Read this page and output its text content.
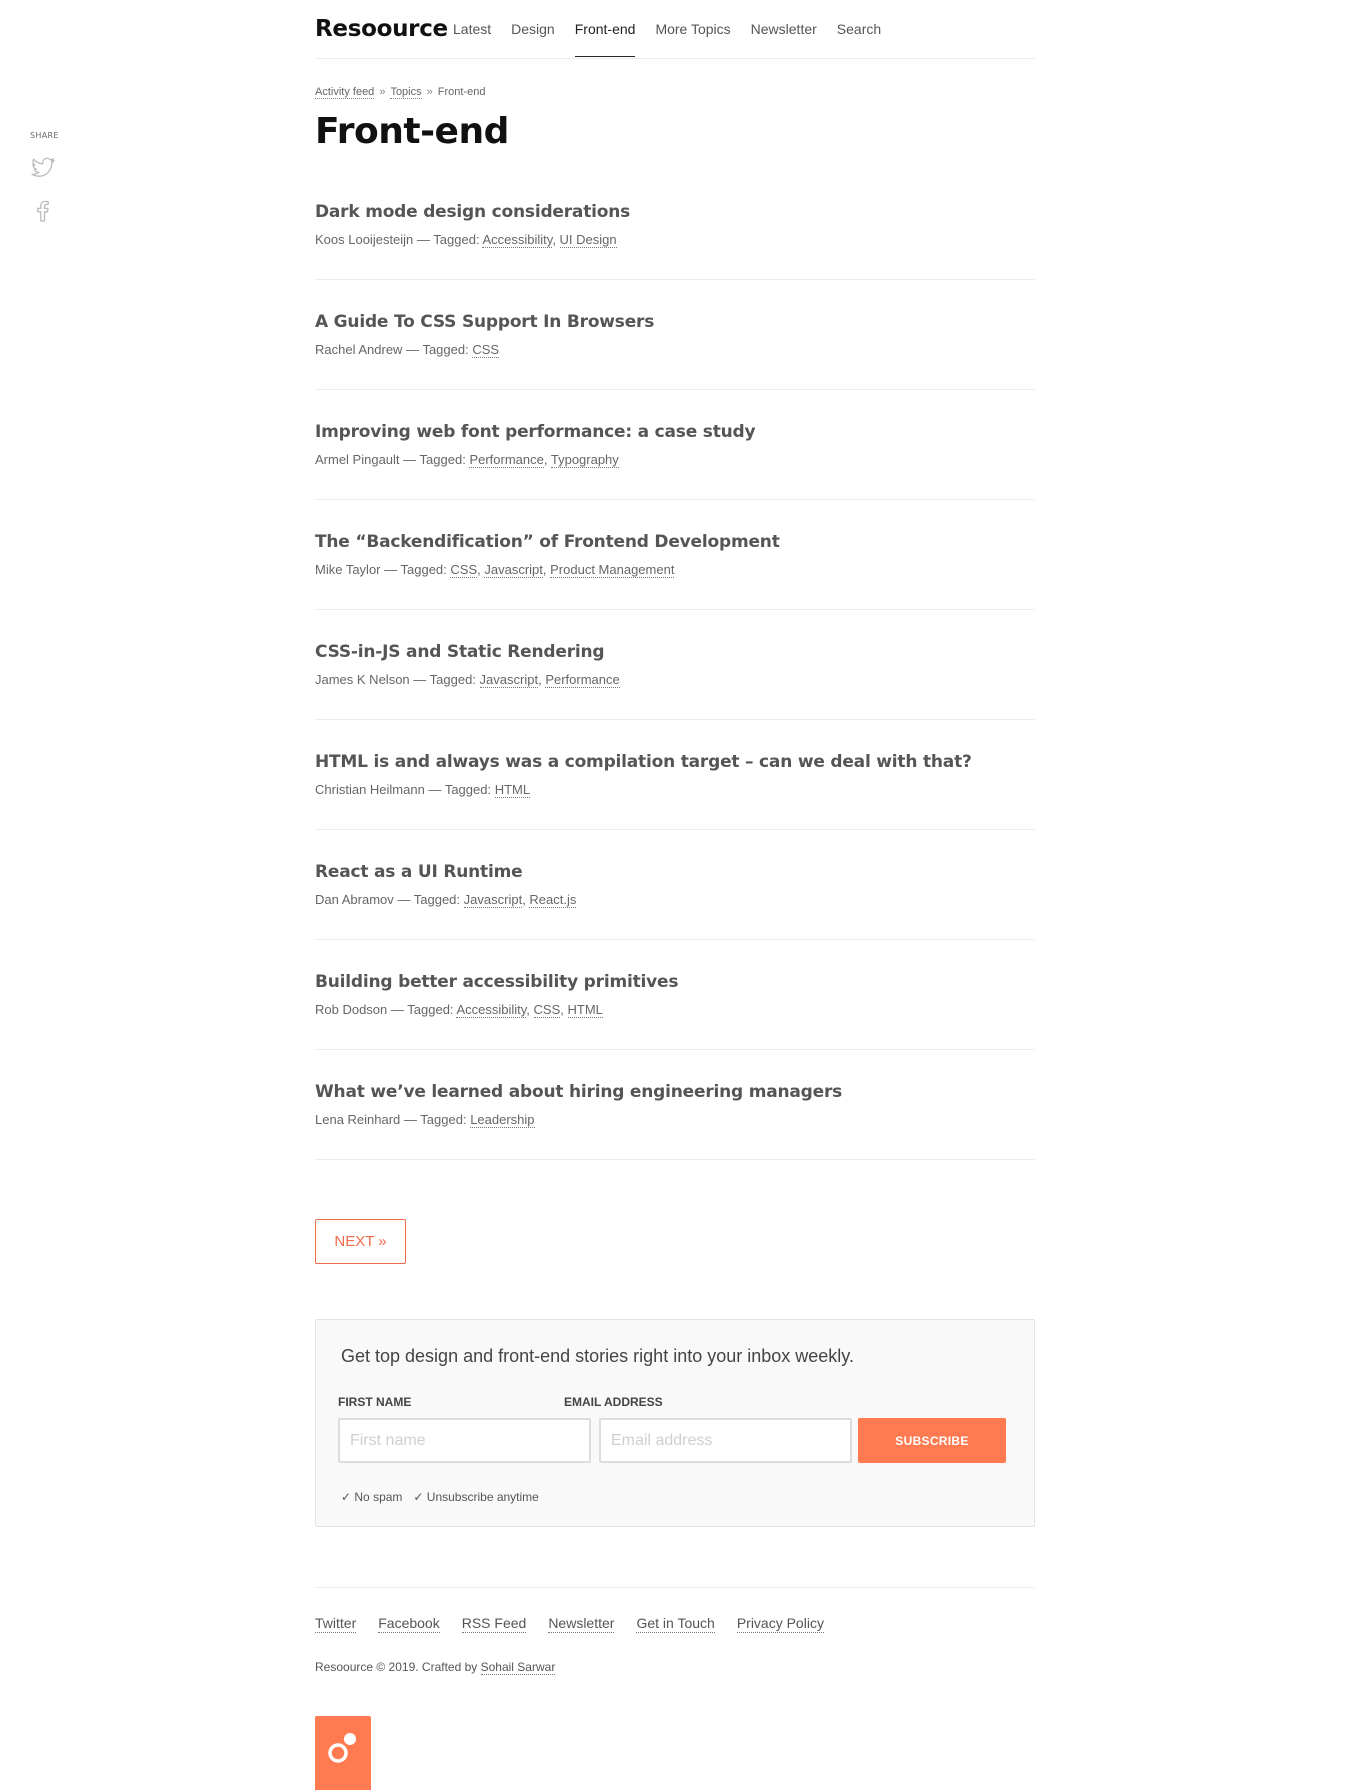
SHARE
Resoource Latest Design Front-end More Topics Newsletter Search
Activity feed » Topics » Front-end
Front-end
Dark mode design considerations
Koos Looijesteijn — Tagged: Accessibility, UI Design
A Guide To CSS Support In Browsers
Rachel Andrew — Tagged: CSS
Improving web font performance: a case study
Armel Pingault — Tagged: Performance, Typography
The “Backendification” of Frontend Development
Mike Taylor — Tagged: CSS, Javascript, Product Management
CSS-in-JS and Static Rendering
James K Nelson — Tagged: Javascript, Performance
HTML is and always was a compilation target – can we deal with that?
Christian Heilmann — Tagged: HTML
React as a UI Runtime
Dan Abramov — Tagged: Javascript, React.js
Building better accessibility primitives
Rob Dodson — Tagged: Accessibility, CSS, HTML
What we’ve learned about hiring engineering managers
Lena Reinhard — Tagged: Leadership
NEXT »
Get top design and front-end stories right into your inbox weekly.
FIRST NAME	EMAIL ADDRESS
First name
Email address
SUBSCRIBE
✓ No spam ✓ Unsubscribe anytime
Twitter Facebook RSS Feed Newsletter Get in Touch Privacy Policy
Resoource © 2019. Crafted by Sohail Sarwar
